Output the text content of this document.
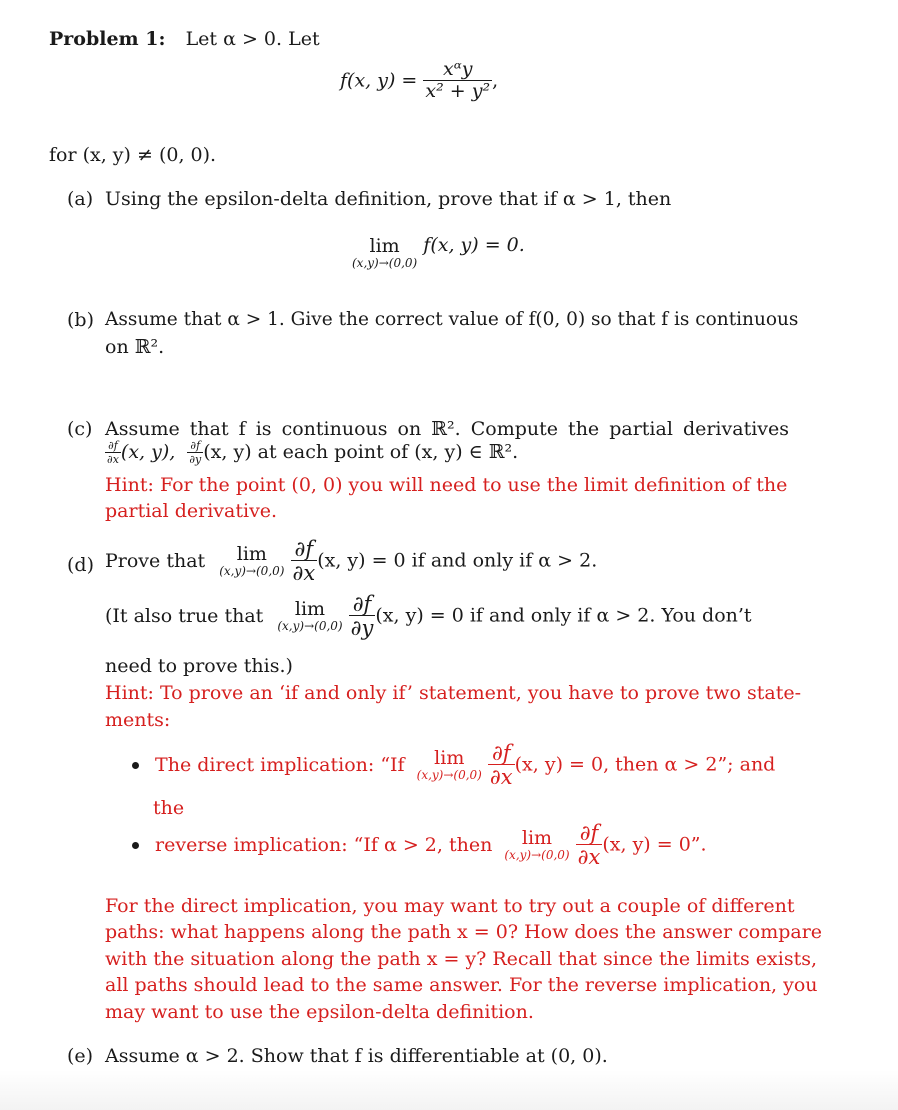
Problem 1: Let α > 0. Let
f(x, $y) = \frac{\text{xᵅy}}{\text{x² + y²}}$ ,
for (x, y) ≠ (0, 0).
(a) Using the epsilon-delta definition, prove that if α > 1, then
lim
(x,y)→(0,0)
f(x, y) = 0.
(b) Assume that α > 1. Give the correct value of f(0, 0) so that f is continuous
on ℝ².
(c) Assume that f is continuous on ℝ². Compute the partial derivatives
$\frac{\partial f}{\partial x} (x$, y), $\frac{\partial f}{\partial y} (x$, y) at each point of (x, y) ∈ ℝ².
Hint: For the point (0, 0) you will need to use the limit definition of the
partial derivative.
(d) Prove that	lim
(x,y)→(0,0)
$\frac{\partial f}{\partial x} (x$, y) = 0 if and only if α > 2.
(It also true that	lim
(x,y)→(0,0)
$\frac{\partial f}{\partial y} (x$, y) = 0 if and only if α > 2. You don’t
need to prove this.)
Hint: To prove an ‘if and only if’ statement, you have to prove two state-
ments:
The direct implication: “If	lim
(x,y)→(0,0)
$\frac{\partial f}{\partial x} (x$, y) = 0, then α > 2”; and
the
reverse implication: “If α > 2, then	lim
(x,y)→(0,0)
$\frac{\partial f}{\partial x} (x$, y) = 0”.
For the direct implication, you may want to try out a couple of different
paths: what happens along the path x = 0? How does the answer compare
with the situation along the path x = y? Recall that since the limits exists,
all paths should lead to the same answer. For the reverse implication, you
may want to use the epsilon-delta definition.
(e) Assume α > 2. Show that f is differentiable at (0, 0).
